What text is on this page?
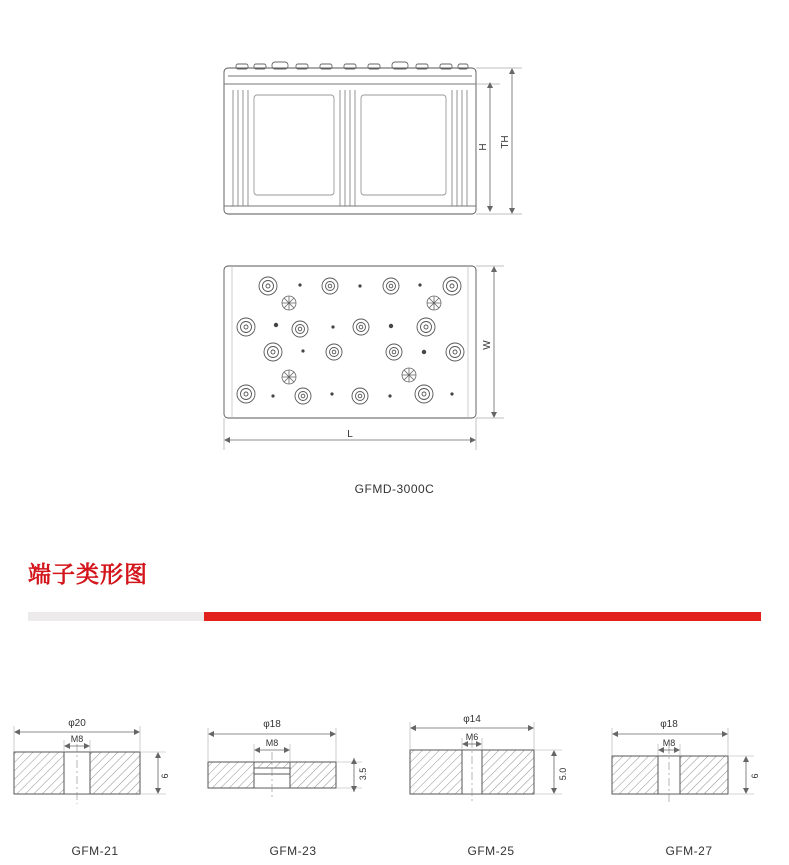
H TH
W
L
GFMD-3000C
端子类形图
φ20
M8
6
GFM-21
φ18
M8
3.5
GFM-23
φ14
M6
5.0
GFM-25
φ18
M8
6
GFM-27
